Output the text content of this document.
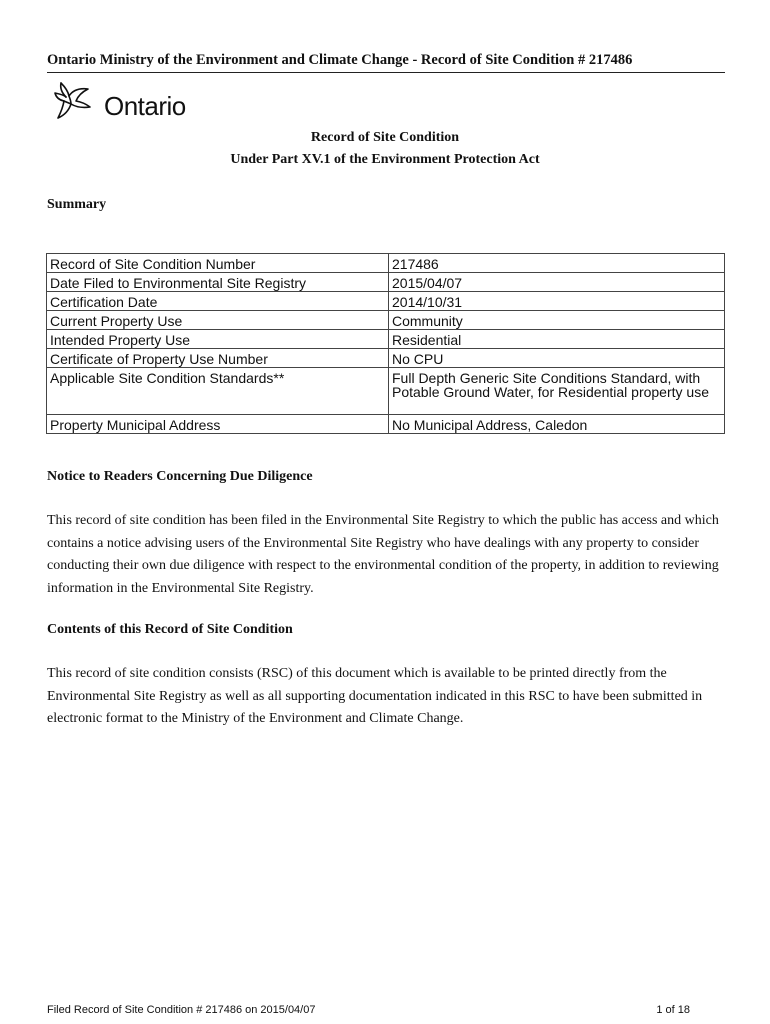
Ontario Ministry of the Environment and Climate Change - Record of Site Condition # 217486
Ontario
Record of Site Condition
Under Part XV.1 of the Environment Protection Act
Summary
Record of Site Condition Number	217486
Date Filed to Environmental Site Registry	2015/04/07
Certification Date	2014/10/31
Current Property Use	Community
Intended Property Use	Residential
Certificate of Property Use Number	No CPU
Applicable Site Condition Standards**	Full Depth Generic Site Conditions Standard, with Potable Ground Water, for Residential property use
Property Municipal Address	No Municipal Address, Caledon
Notice to Readers Concerning Due Diligence
This record of site condition has been filed in the Environmental Site Registry to which the public has access and which contains a notice advising users of the Environmental Site Registry who have dealings with any property to consider conducting their own due diligence with respect to the environmental condition of the property, in addition to reviewing information in the Environmental Site Registry.
Contents of this Record of Site Condition
This record of site condition consists (RSC) of this document which is available to be printed directly from the Environmental Site Registry as well as all supporting documentation indicated in this RSC to have been submitted in electronic format to the Ministry of the Environment and Climate Change.
Filed Record of Site Condition # 217486 on 2015/04/07	1 of 18
